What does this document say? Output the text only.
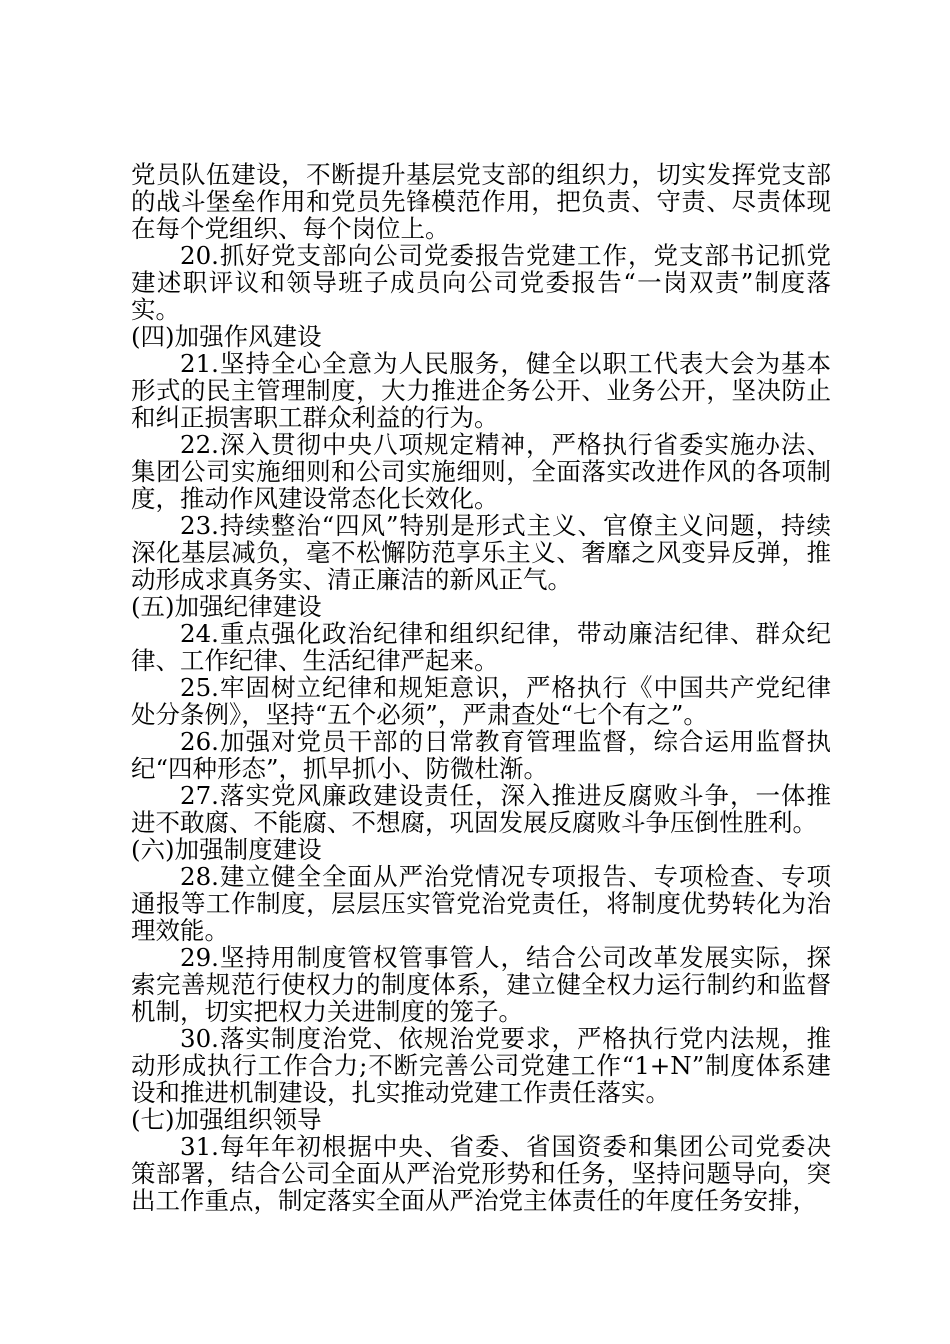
党员队伍建设，不断提升基层党支部的组织力，切实发挥党支部的战斗堡垒作用和党员先锋模范作用，把负责、守责、尽责体现在每个党组织、每个岗位上。

20.抓好党支部向公司党委报告党建工作，党支部书记抓党建述职评议和领导班子成员向公司党委报告“一岗双责”制度落实。

(四)加强作风建设

21.坚持全心全意为人民服务，健全以职工代表大会为基本形式的民主管理制度，大力推进企务公开、业务公开，坚决防止和纠正损害职工群众利益的行为。

22.深入贯彻中央八项规定精神，严格执行省委实施办法、集团公司实施细则和公司实施细则，全面落实改进作风的各项制度，推动作风建设常态化长效化。

23.持续整治“四风”特别是形式主义、官僚主义问题，持续深化基层减负，毫不松懈防范享乐主义、奢靡之风变异反弹，推动形成求真务实、清正廉洁的新风正气。

(五)加强纪律建设

24.重点强化政治纪律和组织纪律，带动廉洁纪律、群众纪律、工作纪律、生活纪律严起来。

25.牢固树立纪律和规矩意识，严格执行《中国共产党纪律处分条例》，坚持“五个必须”，严肃查处“七个有之”。

26.加强对党员干部的日常教育管理监督，综合运用监督执纪“四种形态”，抓早抓小、防微杜渐。

27.落实党风廉政建设责任，深入推进反腐败斗争，一体推进不敢腐、不能腐、不想腐，巩固发展反腐败斗争压倒性胜利。

(六)加强制度建设

28.建立健全全面从严治党情况专项报告、专项检查、专项通报等工作制度，层层压实管党治党责任，将制度优势转化为治理效能。

29.坚持用制度管权管事管人，结合公司改革发展实际，探索完善规范行使权力的制度体系，建立健全权力运行制约和监督机制，切实把权力关进制度的笼子。

30.落实制度治党、依规治党要求，严格执行党内法规，推动形成执行工作合力;不断完善公司党建工作“1+N”制度体系建设和推进机制建设，扎实推动党建工作责任落实。

(七)加强组织领导

31.每年年初根据中央、省委、省国资委和集团公司党委决策部署，结合公司全面从严治党形势和任务，坚持问题导向，突出工作重点，制定落实全面从严治党主体责任的年度任务安排，
